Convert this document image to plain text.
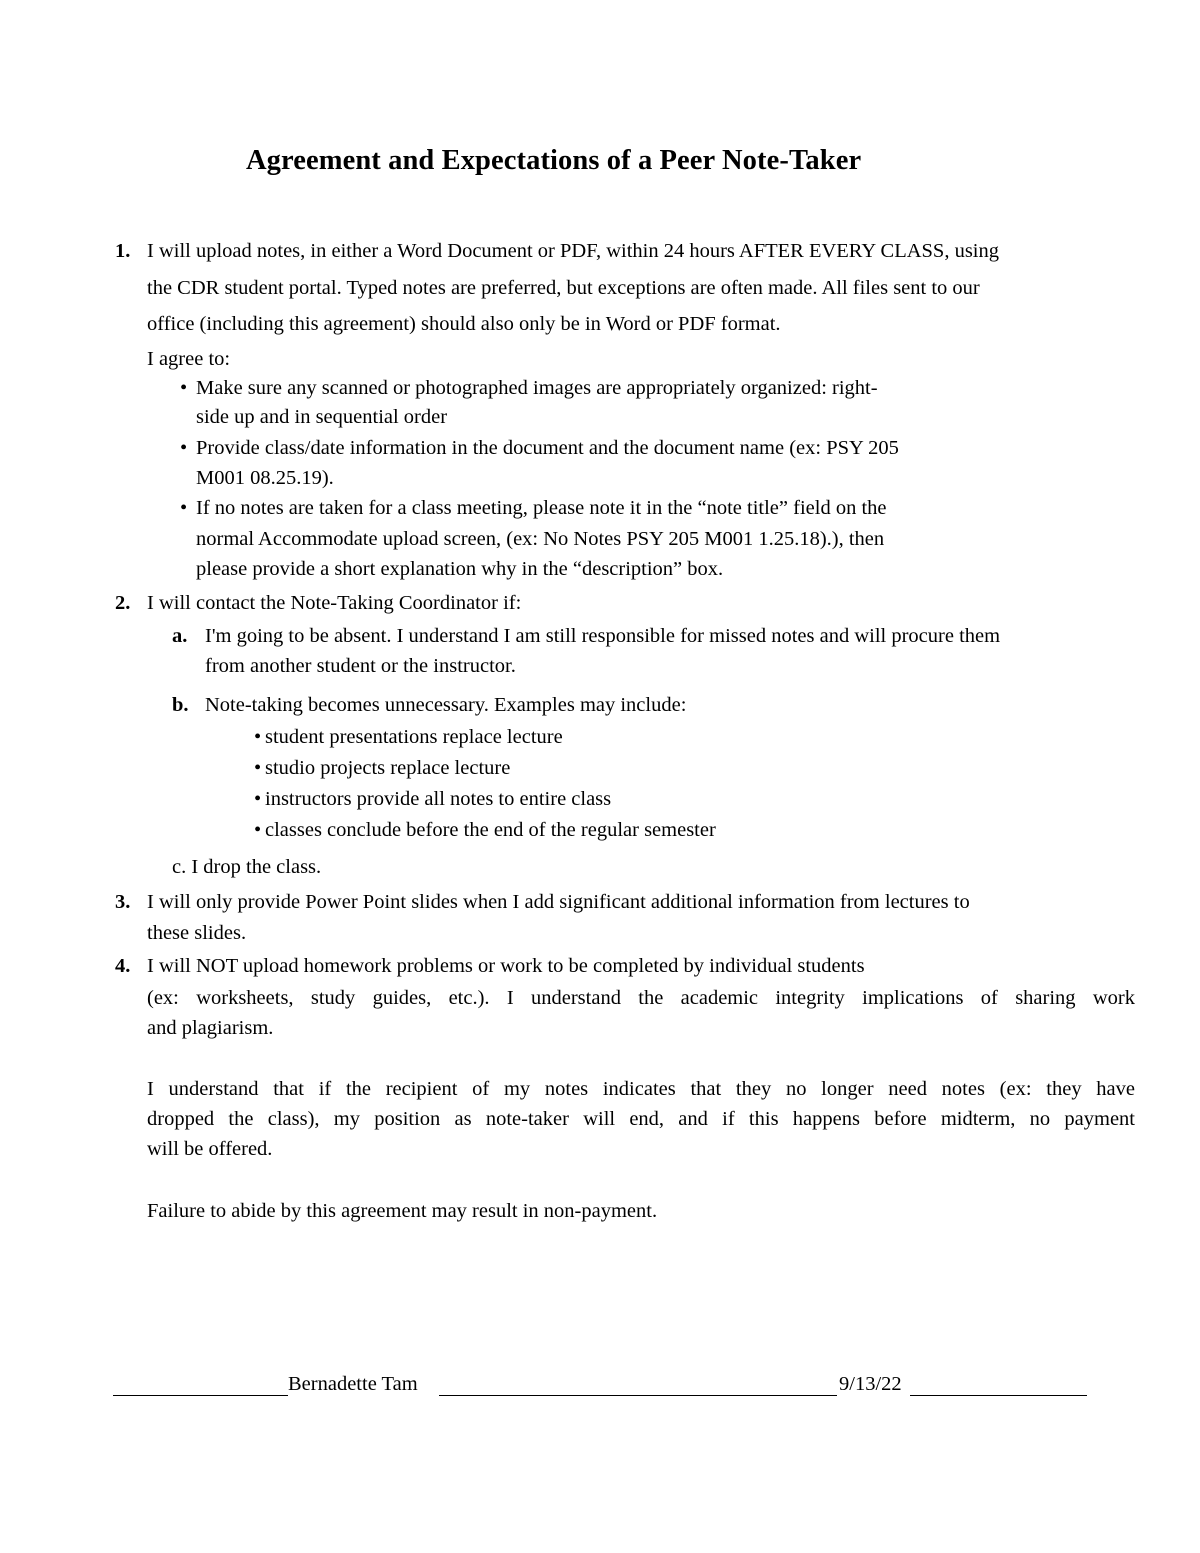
Agreement and Expectations of a Peer Note-Taker
1. I will upload notes, in either a Word Document or PDF, within 24 hours AFTER EVERY CLASS, using
the CDR student portal. Typed notes are preferred, but exceptions are often made. All files sent to our
office (including this agreement) should also only be in Word or PDF format.
I agree to:
• Make sure any scanned or photographed images are appropriately organized: right-
side up and in sequential order
• Provide class/date information in the document and the document name (ex: PSY 205
M001 08.25.19).
• If no notes are taken for a class meeting, please note it in the “note title” field on the
normal Accommodate upload screen, (ex: No Notes PSY 205 M001 1.25.18).), then
please provide a short explanation why in the “description” box.
2. I will contact the Note-Taking Coordinator if:
a. I'm going to be absent. I understand I am still responsible for missed notes and will procure them
from another student or the instructor.
b. Note-taking becomes unnecessary. Examples may include:
• student presentations replace lecture
• studio projects replace lecture
• instructors provide all notes to entire class
• classes conclude before the end of the regular semester
c. I drop the class.
3. I will only provide Power Point slides when I add significant additional information from lectures to
these slides.
4. I will NOT upload homework problems or work to be completed by individual students
(ex: worksheets, study guides, etc.). I understand the academic integrity implications of sharing work
and plagiarism.
I understand that if the recipient of my notes indicates that they no longer need notes (ex: they have
dropped the class), my position as note-taker will end, and if this happens before midterm, no payment
will be offered.
Failure to abide by this agreement may result in non-payment.
Bernadette Tam	9/13/22
